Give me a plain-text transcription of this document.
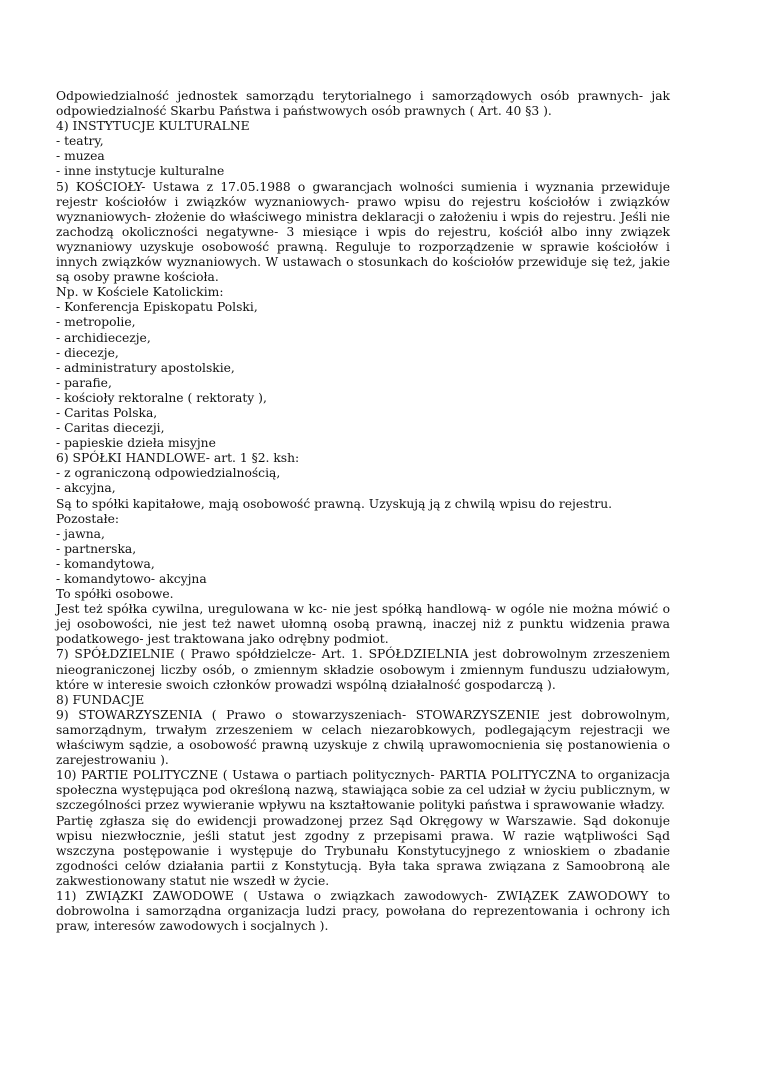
Odpowiedzialność jednostek samorządu terytorialnego i samorządowych osób prawnych- jak odpowiedzialność Skarbu Państwa i państwowych osób prawnych ( Art. 40 §3 ).
4) INSTYTUCJE KULTURALNE
- teatry,
- muzea
- inne instytucje kulturalne
5) KOŚCIOŁY- Ustawa z 17.05.1988 o gwarancjach wolności sumienia i wyznania przewiduje rejestr kościołów i związków wyznaniowych- prawo wpisu do rejestru kościołów i związków wyznaniowych- złożenie do właściwego ministra deklaracji o założeniu i wpis do rejestru. Jeśli nie zachodzą okoliczności negatywne- 3 miesiące i wpis do rejestru, kościół albo inny związek wyznaniowy uzyskuje osobowość prawną. Reguluje to rozporządzenie w sprawie kościołów i innych związków wyznaniowych. W ustawach o stosunkach do kościołów przewiduje się też, jakie są osoby prawne kościoła.
Np. w Kościele Katolickim:
- Konferencja Episkopatu Polski,
- metropolie,
- archidiecezje,
- diecezje,
- administratury apostolskie,
- parafie,
- kościoły rektoralne ( rektoraty ),
- Caritas Polska,
- Caritas diecezji,
- papieskie dzieła misyjne
6) SPÓŁKI HANDLOWE- art. 1 §2. ksh:
- z ograniczoną odpowiedzialnością,
- akcyjna,
Są to spółki kapitałowe, mają osobowość prawną. Uzyskują ją z chwilą wpisu do rejestru.
Pozostałe:
- jawna,
- partnerska,
- komandytowa,
- komandytowo- akcyjna
To spółki osobowe.
Jest też spółka cywilna, uregulowana w kc- nie jest spółką handlową- w ogóle nie można mówić o jej osobowości, nie jest też nawet ułomną osobą prawną, inaczej niż z punktu widzenia prawa podatkowego- jest traktowana jako odrębny podmiot.
7) SPÓŁDZIELNIE ( Prawo spółdzielcze- Art. 1. SPÓŁDZIELNIA jest dobrowolnym zrzeszeniem nieograniczonej liczby osób, o zmiennym składzie osobowym i zmiennym funduszu udziałowym, które w interesie swoich członków prowadzi wspólną działalność gospodarczą ).
8) FUNDACJE
9) STOWARZYSZENIA ( Prawo o stowarzyszeniach- STOWARZYSZENIE jest dobrowolnym, samorządnym, trwałym zrzeszeniem w celach niezarobkowych, podlegającym rejestracji we właściwym sądzie, a osobowość prawną uzyskuje z chwilą uprawomocnienia się postanowienia o zarejestrowaniu ).
10) PARTIE POLITYCZNE ( Ustawa o partiach politycznych- PARTIA POLITYCZNA to organizacja społeczna występująca pod określoną nazwą, stawiająca sobie za cel udział w życiu publicznym, w szczególności przez wywieranie wpływu na kształtowanie polityki państwa i sprawowanie władzy.
Partię zgłasza się do ewidencji prowadzonej przez Sąd Okręgowy w Warszawie. Sąd dokonuje wpisu niezwłocznie, jeśli statut jest zgodny z przepisami prawa. W razie wątpliwości Sąd wszczyna postępowanie i występuje do Trybunału Konstytucyjnego z wnioskiem o zbadanie zgodności celów działania partii z Konstytucją. Była taka sprawa związana z Samoobroną ale zakwestionowany statut nie wszedł w życie.
11) ZWIĄZKI ZAWODOWE ( Ustawa o związkach zawodowych- ZWIĄZEK ZAWODOWY to dobrowolna i samorządna organizacja ludzi pracy, powołana do reprezentowania i ochrony ich praw, interesów zawodowych i socjalnych ).
